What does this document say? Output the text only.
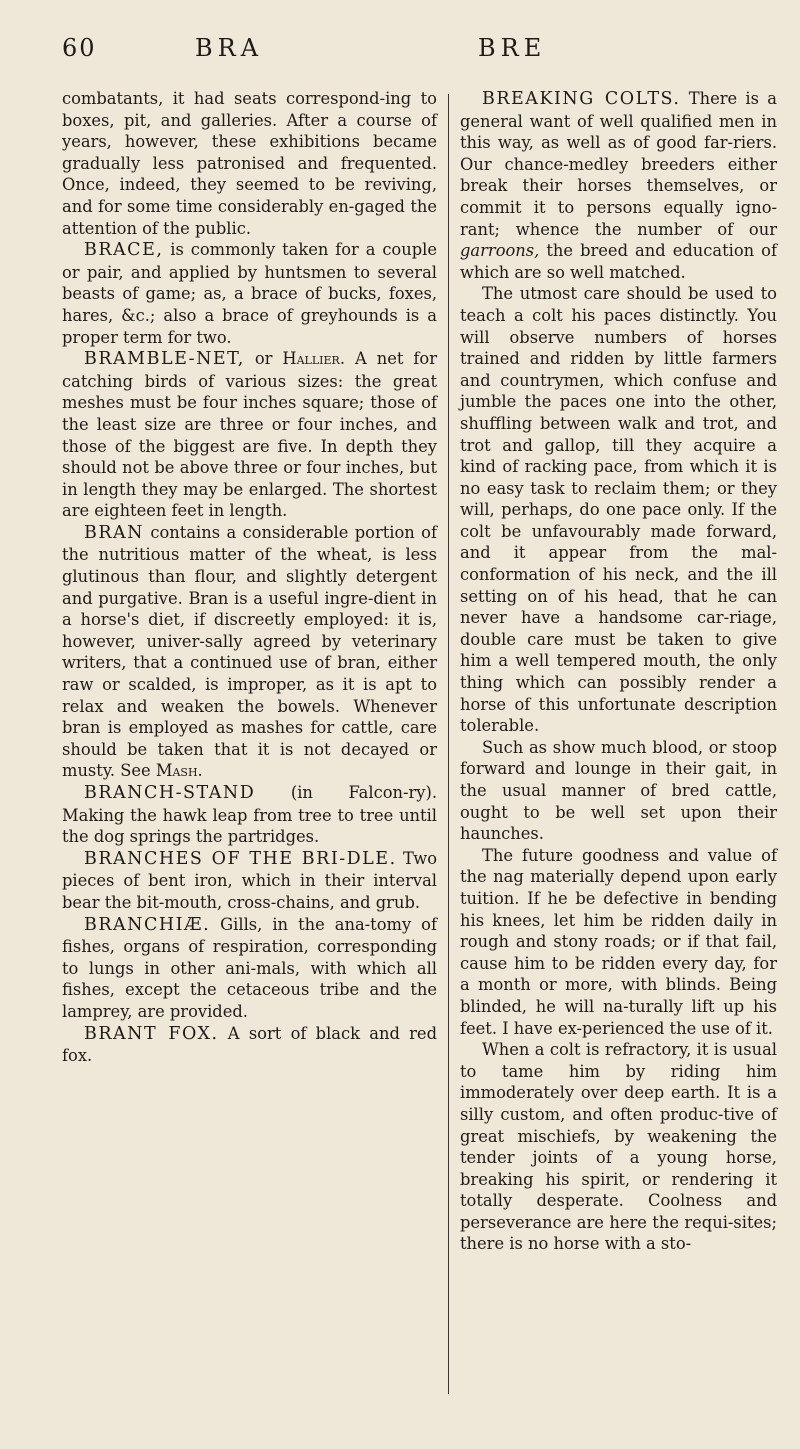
60	BRA	BRE

combatants, it had seats correspond-ing to boxes, pit, and galleries. After a course of years, however, these exhibitions became gradually less patronised and frequented. Once, indeed, they seemed to be reviving, and for some time considerably en-gaged the attention of the public.

BRACE, is commonly taken for a couple or pair, and applied by huntsmen to several beasts of game; as, a brace of bucks, foxes, hares, &c.; also a brace of greyhounds is a proper term for two.

BRAMBLE-NET, or Hallier. A net for catching birds of various sizes: the great meshes must be four inches square; those of the least size are three or four inches, and those of the biggest are five. In depth they should not be above three or four inches, but in length they may be enlarged. The shortest are eighteen feet in length.

BRAN contains a considerable portion of the nutritious matter of the wheat, is less glutinous than flour, and slightly detergent and purgative. Bran is a useful ingre-dient in a horse's diet, if discreetly employed: it is, however, univer-sally agreed by veterinary writers, that a continued use of bran, either raw or scalded, is improper, as it is apt to relax and weaken the bowels. Whenever bran is employed as mashes for cattle, care should be taken that it is not decayed or musty. See Mash.

BRANCH-STAND (in Falcon-ry). Making the hawk leap from tree to tree until the dog springs the partridges.

BRANCHES OF THE BRI-DLE. Two pieces of bent iron, which in their interval bear the bit-mouth, cross-chains, and grub.

BRANCHIÆ. Gills, in the ana-tomy of fishes, organs of respiration, corresponding to lungs in other ani-mals, with which all fishes, except the cetaceous tribe and the lamprey, are provided.

BRANT FOX. A sort of black and red fox.

BREAKING COLTS. There is a general want of well qualified men in this way, as well as of good far-riers. Our chance-medley breeders either break their horses themselves, or commit it to persons equally igno-rant; whence the number of our garroons, the breed and education of which are so well matched.

The utmost care should be used to teach a colt his paces distinctly. You will observe numbers of horses trained and ridden by little farmers and countrymen, which confuse and jumble the paces one into the other, shuffling between walk and trot, and trot and gallop, till they acquire a kind of racking pace, from which it is no easy task to reclaim them; or they will, perhaps, do one pace only. If the colt be unfavourably made forward, and it appear from the mal-conformation of his neck, and the ill setting on of his head, that he can never have a handsome car-riage, double care must be taken to give him a well tempered mouth, the only thing which can possibly render a horse of this unfortunate description tolerable.

Such as show much blood, or stoop forward and lounge in their gait, in the usual manner of bred cattle, ought to be well set upon their haunches.

The future goodness and value of the nag materially depend upon early tuition. If he be defective in bending his knees, let him be ridden daily in rough and stony roads; or if that fail, cause him to be ridden every day, for a month or more, with blinds. Being blinded, he will na-turally lift up his feet. I have ex-perienced the use of it.

When a colt is refractory, it is usual to tame him by riding him immoderately over deep earth. It is a silly custom, and often produc-tive of great mischiefs, by weakening the tender joints of a young horse, breaking his spirit, or rendering it totally desperate. Coolness and perseverance are here the requi-sites; there is no horse with a sto-
